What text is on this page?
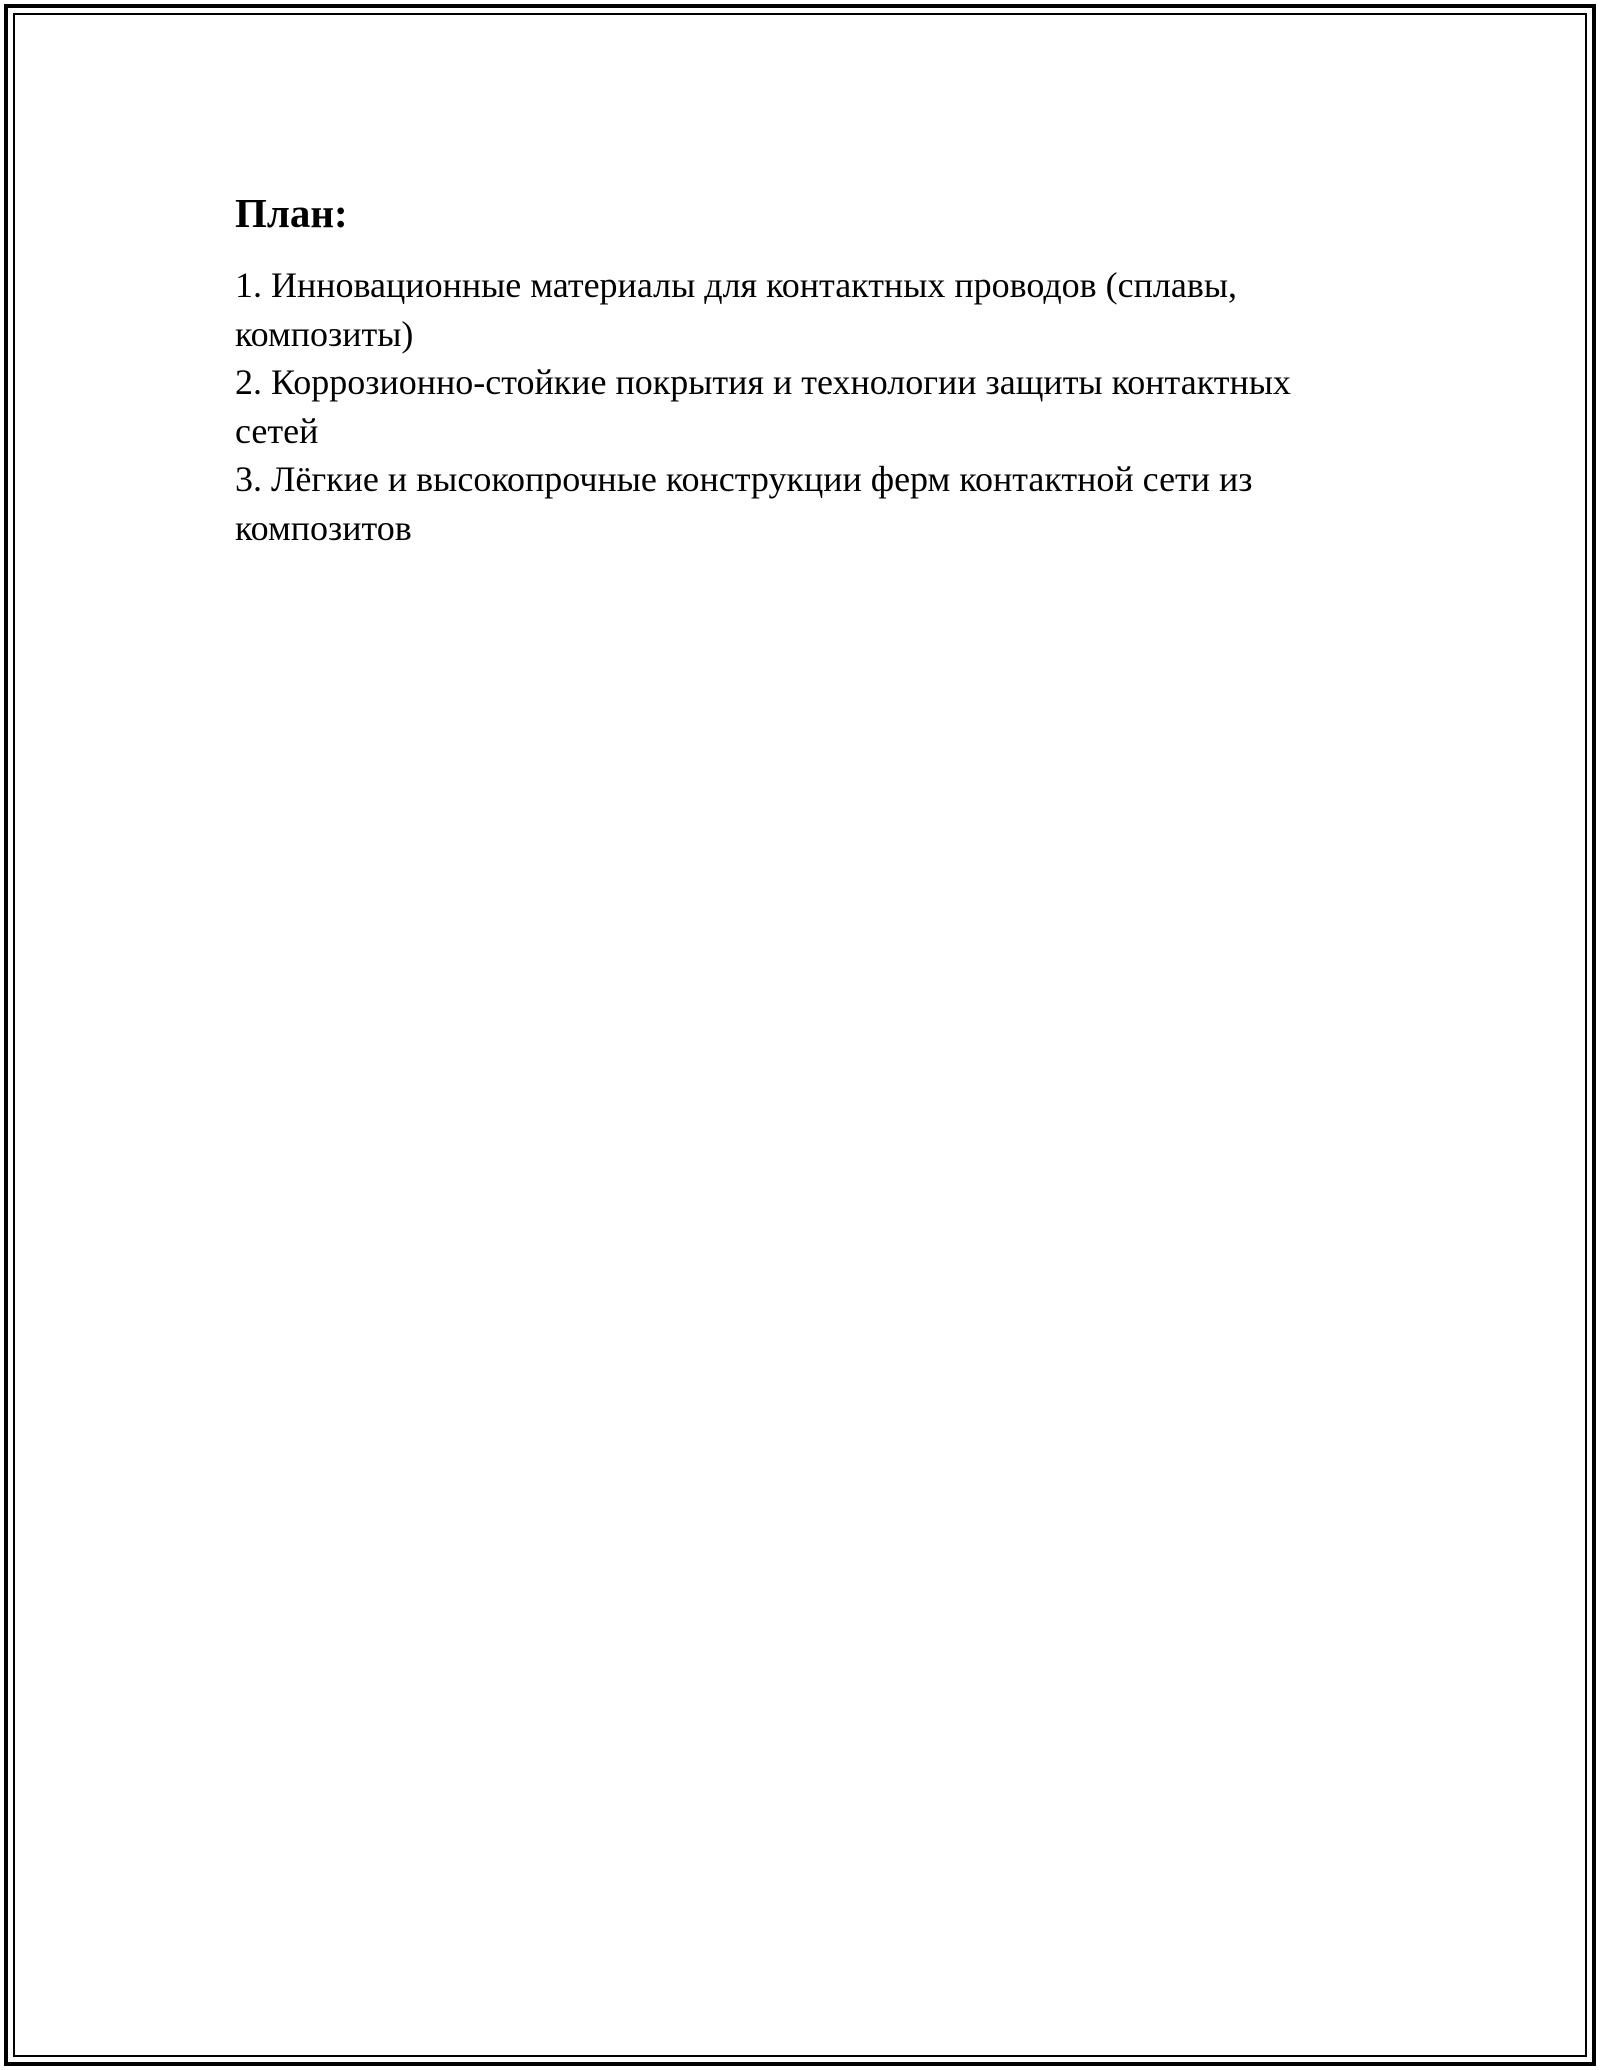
План:
1. Инновационные материалы для контактных проводов (сплавы, композиты)
2. Коррозионно-стойкие покрытия и технологии защиты контактных сетей
3. Лёгкие и высокопрочные конструкции ферм контактной сети из композитов
